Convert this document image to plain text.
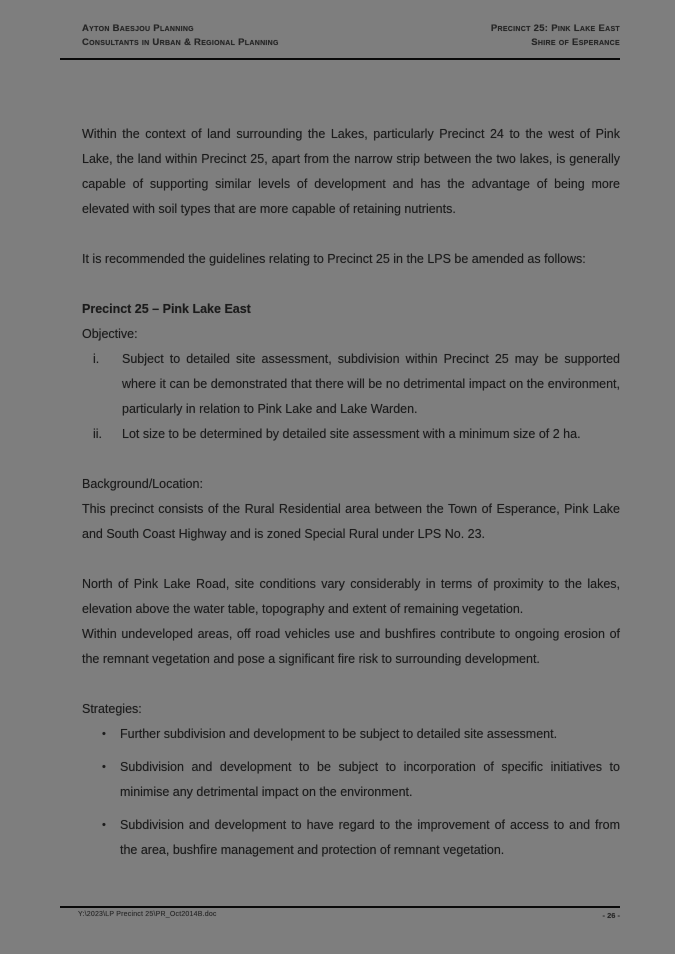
Ayton Baesjou Planning
Consultants in Urban & Regional Planning
Precinct 25: Pink Lake East
Shire of Esperance

Within the context of land surrounding the Lakes, particularly Precinct 24 to the west of Pink Lake, the land within Precinct 25, apart from the narrow strip between the two lakes, is generally capable of supporting similar levels of development and has the advantage of being more elevated with soil types that are more capable of retaining nutrients.

It is recommended the guidelines relating to Precinct 25 in the LPS be amended as follows:

Precinct 25 – Pink Lake East
Objective:
i.	Subject to detailed site assessment, subdivision within Precinct 25 may be supported where it can be demonstrated that there will be no detrimental impact on the environment, particularly in relation to Pink Lake and Lake Warden.
ii.	Lot size to be determined by detailed site assessment with a minimum size of 2 ha.
Background/Location:
This precinct consists of the Rural Residential area between the Town of Esperance, Pink Lake and South Coast Highway and is zoned Special Rural under LPS No. 23.
North of Pink Lake Road, site conditions vary considerably in terms of proximity to the lakes, elevation above the water table, topography and extent of remaining vegetation.
Within undeveloped areas, off road vehicles use and bushfires contribute to ongoing erosion of the remnant vegetation and pose a significant fire risk to surrounding development.
Strategies:
•	Further subdivision and development to be subject to detailed site assessment.
•	Subdivision and development to be subject to incorporation of specific initiatives to minimise any detrimental impact on the environment.
•	Subdivision and development to have regard to the improvement of access to and from the area, bushfire management and protection of remnant vegetation.
Y:\2023\LP Precinct 25\PR_Oct2014B.doc	- 26 -
